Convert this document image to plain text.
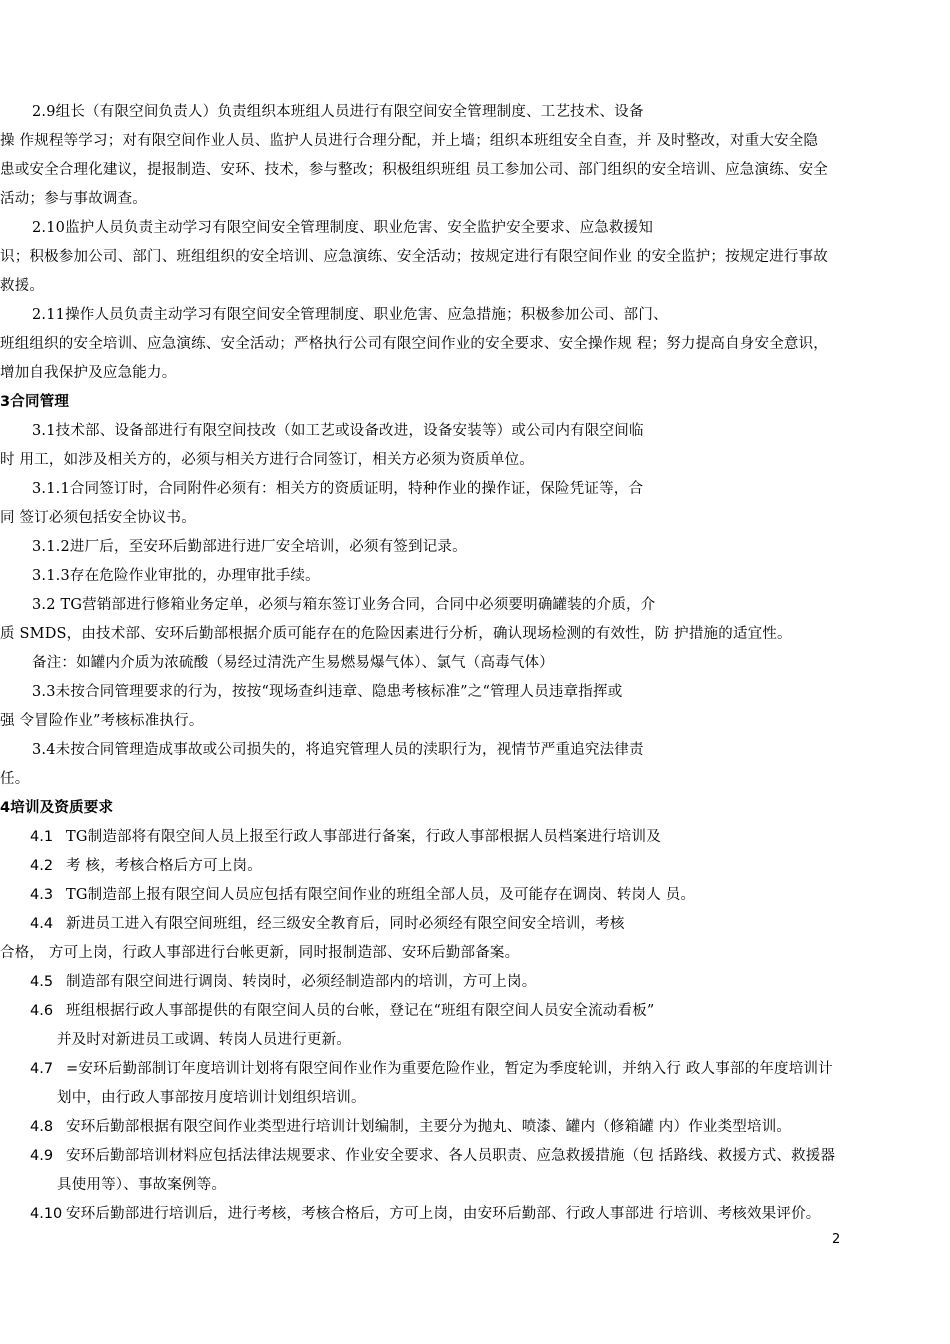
2.9组长（有限空间负责人）负责组织本班组人员进行有限空间安全管理制度、工艺技术、设备
操 作规程等学习；对有限空间作业人员、监护人员进行合理分配，并上墙；组织本班组安全自查，并 及时整改，对重大安全隐
患或安全合理化建议，提报制造、安环、技术，参与整改；积极组织班组 员工参加公司、部门组织的安全培训、应急演练、安全
活动；参与事故调查。
2.10监护人员负责主动学习有限空间安全管理制度、职业危害、安全监护安全要求、应急救援知
识；积极参加公司、部门、班组组织的安全培训、应急演练、安全活动；按规定进行有限空间作业 的安全监护；按规定进行事故
救援。
2.11操作人员负责主动学习有限空间安全管理制度、职业危害、应急措施；积极参加公司、部门、
班组组织的安全培训、应急演练、安全活动；严格执行公司有限空间作业的安全要求、安全操作规 程；努力提高自身安全意识，
增加自我保护及应急能力。
3合同管理
3.1技术部、设备部进行有限空间技改（如工艺或设备改进，设备安装等）或公司内有限空间临
时 用工，如涉及相关方的，必须与相关方进行合同签订，相关方必须为资质单位。
3.1.1合同签订时，合同附件必须有：相关方的资质证明，特种作业的操作证，保险凭证等，合
同 签订必须包括安全协议书。
3.1.2进厂后，至安环后勤部进行进厂安全培训，必须有签到记录。
3.1.3存在危险作业审批的，办理审批手续。
3.2 TG营销部进行修箱业务定单，必须与箱东签订业务合同，合同中必须要明确罐装的介质，介
质 SMDS，由技术部、安环后勤部根据介质可能存在的危险因素进行分析，确认现场检测的有效性，防 护措施的适宜性。
备注：如罐内介质为浓硫酸（易经过清洗产生易燃易爆气体）、氯气（高毒气体）
3.3未按合同管理要求的行为，按按“现场查纠违章、隐患考核标准”之“管理人员违章指挥或
强 令冒险作业”考核标准执行。
3.4未按合同管理造成事故或公司损失的，将追究管理人员的渎职行为，视情节严重追究法律责
任。
4培训及资质要求
4.1 TG制造部将有限空间人员上报至行政人事部进行备案，行政人事部根据人员档案进行培训及
4.2 考 核，考核合格后方可上岗。
4.3 TG制造部上报有限空间人员应包括有限空间作业的班组全部人员，及可能存在调岗、转岗人 员。
4.4 新进员工进入有限空间班组，经三级安全教育后，同时必须经有限空间安全培训，考核
合格， 方可上岗，行政人事部进行台帐更新，同时报制造部、安环后勤部备案。
4.5 制造部有限空间进行调岗、转岗时，必须经制造部内的培训，方可上岗。
4.6 班组根据行政人事部提供的有限空间人员的台帐，登记在“班组有限空间人员安全流动看板”
并及时对新进员工或调、转岗人员进行更新。
4.7 =安环后勤部制订年度培训计划将有限空间作业作为重要危险作业，暂定为季度轮训，并纳入行 政人事部的年度培训计
划中，由行政人事部按月度培训计划组织培训。
4.8 安环后勤部根据有限空间作业类型进行培训计划编制，主要分为抛丸、喷漆、罐内（修箱罐 内）作业类型培训。
4.9 安环后勤部培训材料应包括法律法规要求、作业安全要求、各人员职责、应急救援措施（包 括路线、救援方式、救援器
具使用等）、事故案例等。
4.10 安环后勤部进行培训后，进行考核，考核合格后，方可上岗，由安环后勤部、行政人事部进 行培训、考核效果评价。
2
